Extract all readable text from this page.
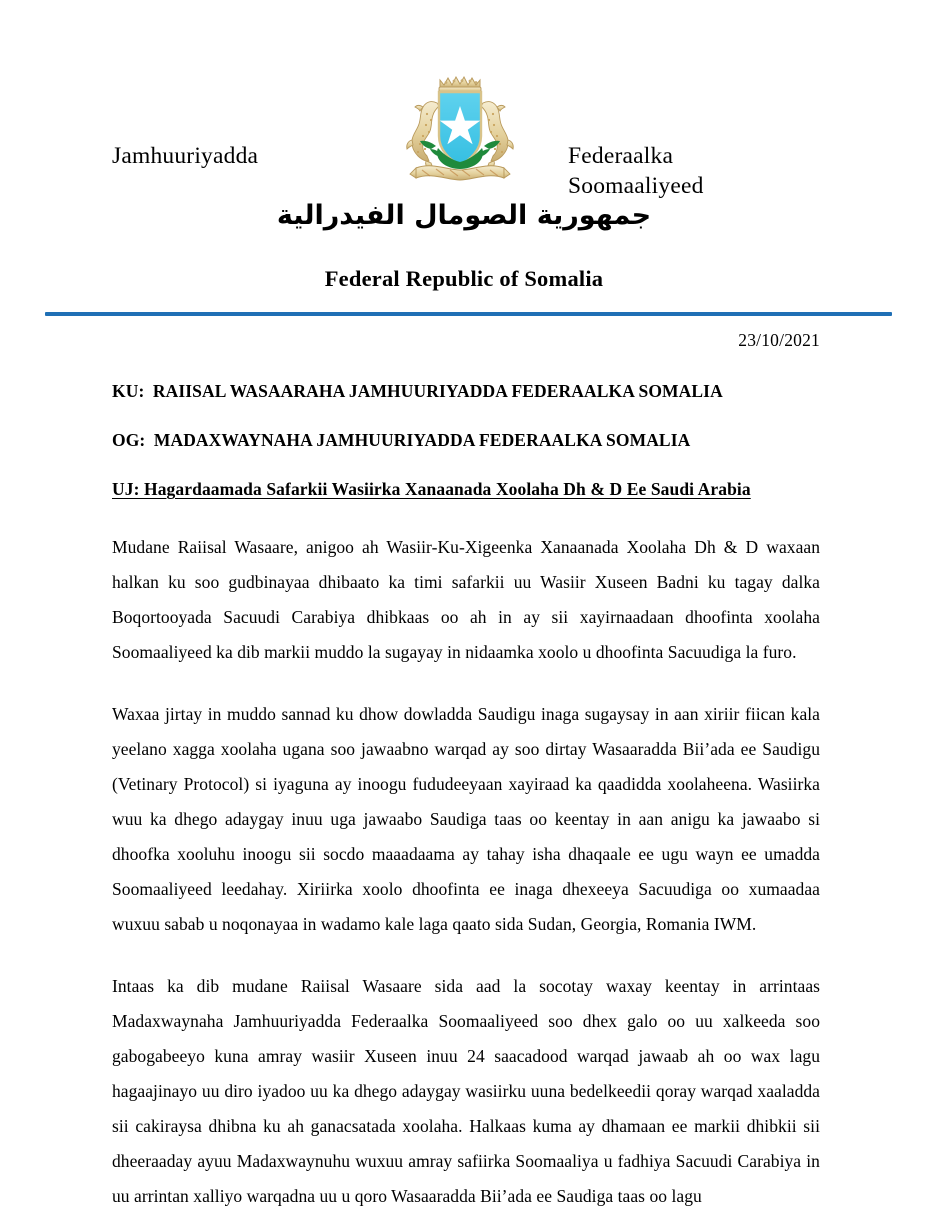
Jamhuuriyadda	Federaalka
Soomaaliyeed
جمهورية الصومال الفيدرالية
Federal Republic of Somalia
23/10/2021
KU: RAIISAL WASAARAHA JAMHUURIYADDA FEDERAALKA SOMALIA
OG: MADAXWAYNAHA JAMHUURIYADDA FEDERAALKA SOMALIA
UJ: Hagardaamada Safarkii Wasiirka Xanaanada Xoolaha Dh & D Ee Saudi Arabia

Mudane Raiisal Wasaare, anigoo ah Wasiir-Ku-Xigeenka Xanaanada Xoolaha Dh & D waxaan halkan ku soo gudbinayaa dhibaato ka timi safarkii uu Wasiir Xuseen Badni ku tagay dalka Boqortooyada Sacuudi Carabiya dhibkaas oo ah in ay sii xayirnaadaan dhoofinta xoolaha Soomaaliyeed ka dib markii muddo la sugayay in nidaamka xoolo u dhoofinta Sacuudiga la furo.

Waxaa jirtay in muddo sannad ku dhow dowladda Saudigu inaga sugaysay in aan xiriir fiican kala yeelano xagga xoolaha ugana soo jawaabno warqad ay soo dirtay Wasaaradda Bii’ada ee Saudigu (Vetinary Protocol) si iyaguna ay inoogu fududeeyaan xayiraad ka qaadidda xoolaheena. Wasiirka wuu ka dhego adaygay inuu uga jawaabo Saudiga taas oo keentay in aan anigu ka jawaabo si dhoofka xooluhu inoogu sii socdo maaadaama ay tahay isha dhaqaale ee ugu wayn ee umadda Soomaaliyeed leedahay. Xiriirka xoolo dhoofinta ee inaga dhexeeya Sacuudiga oo xumaadaa wuxuu sabab u noqonayaa in wadamo kale laga qaato sida Sudan, Georgia, Romania IWM.

Intaas ka dib mudane Raiisal Wasaare sida aad la socotay waxay keentay in arrintaas Madaxwaynaha Jamhuuriyadda Federaalka Soomaaliyeed soo dhex galo oo uu xalkeeda soo gabogabeeyo kuna amray wasiir Xuseen inuu 24 saacadood warqad jawaab ah oo wax lagu hagaajinayo uu diro iyadoo uu ka dhego adaygay wasiirku uuna bedelkeedii qoray warqad xaaladda sii cakiraysa dhibna ku ah ganacsatada xoolaha. Halkaas kuma ay dhamaan ee markii dhibkii sii dheeraaday ayuu Madaxwaynuhu wuxuu amray safiirka Soomaaliya u fadhiya Sacuudi Carabiya in uu arrintan xalliyo warqadna uu u qoro Wasaaradda Bii’ada ee Saudiga taas oo lagu
